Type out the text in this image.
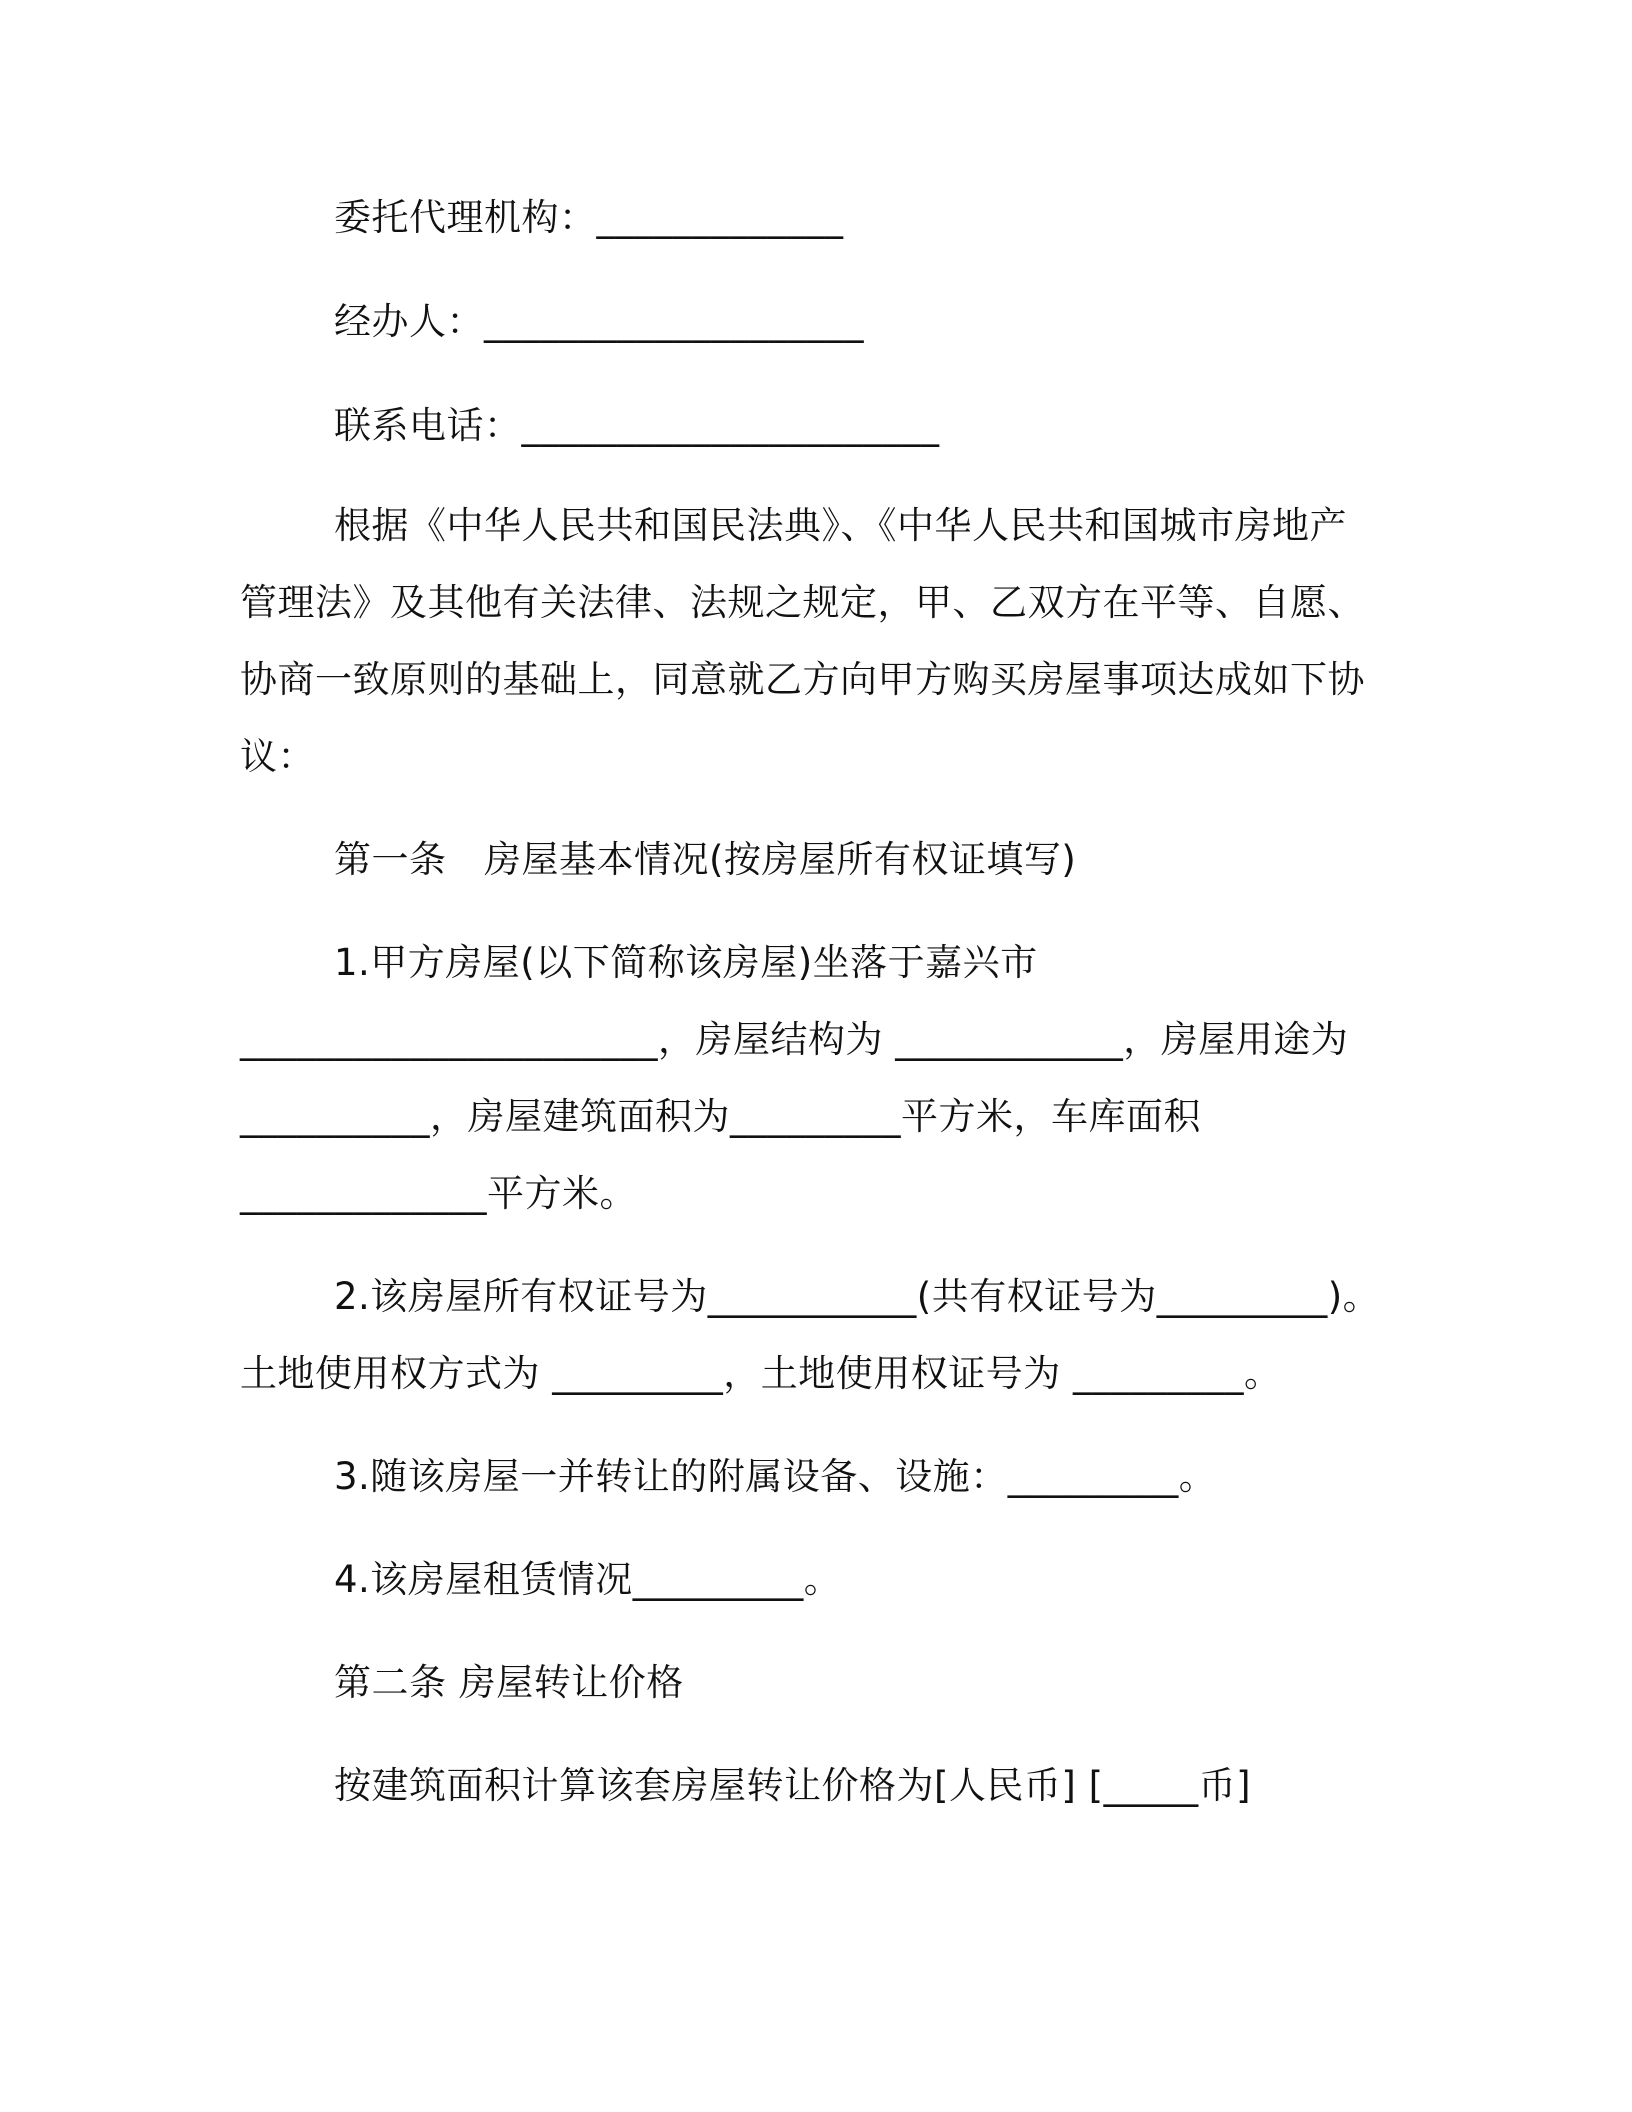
委托代理机构：_____________
经办人：____________________
联系电话：______________________
根据《中华人民共和国民法典》、《中华人民共和国城市房地产
管理法》及其他有关法律、法规之规定，甲、乙双方在平等、自愿、
协商一致原则的基础上，同意就乙方向甲方购买房屋事项达成如下协
议：
第一条　房屋基本情况(按房屋所有权证填写)
1.甲方房屋(以下简称该房屋)坐落于嘉兴市
______________________，房屋结构为 ____________，房屋用途为
__________，房屋建筑面积为_________平方米，车库面积
_____________平方米。
2.该房屋所有权证号为___________(共有权证号为_________)。
土地使用权方式为 _________，土地使用权证号为 _________。
3.随该房屋一并转让的附属设备、设施：_________。
4.该房屋租赁情况_________。
第二条 房屋转让价格
按建筑面积计算该套房屋转让价格为[人民币] [_____币]
